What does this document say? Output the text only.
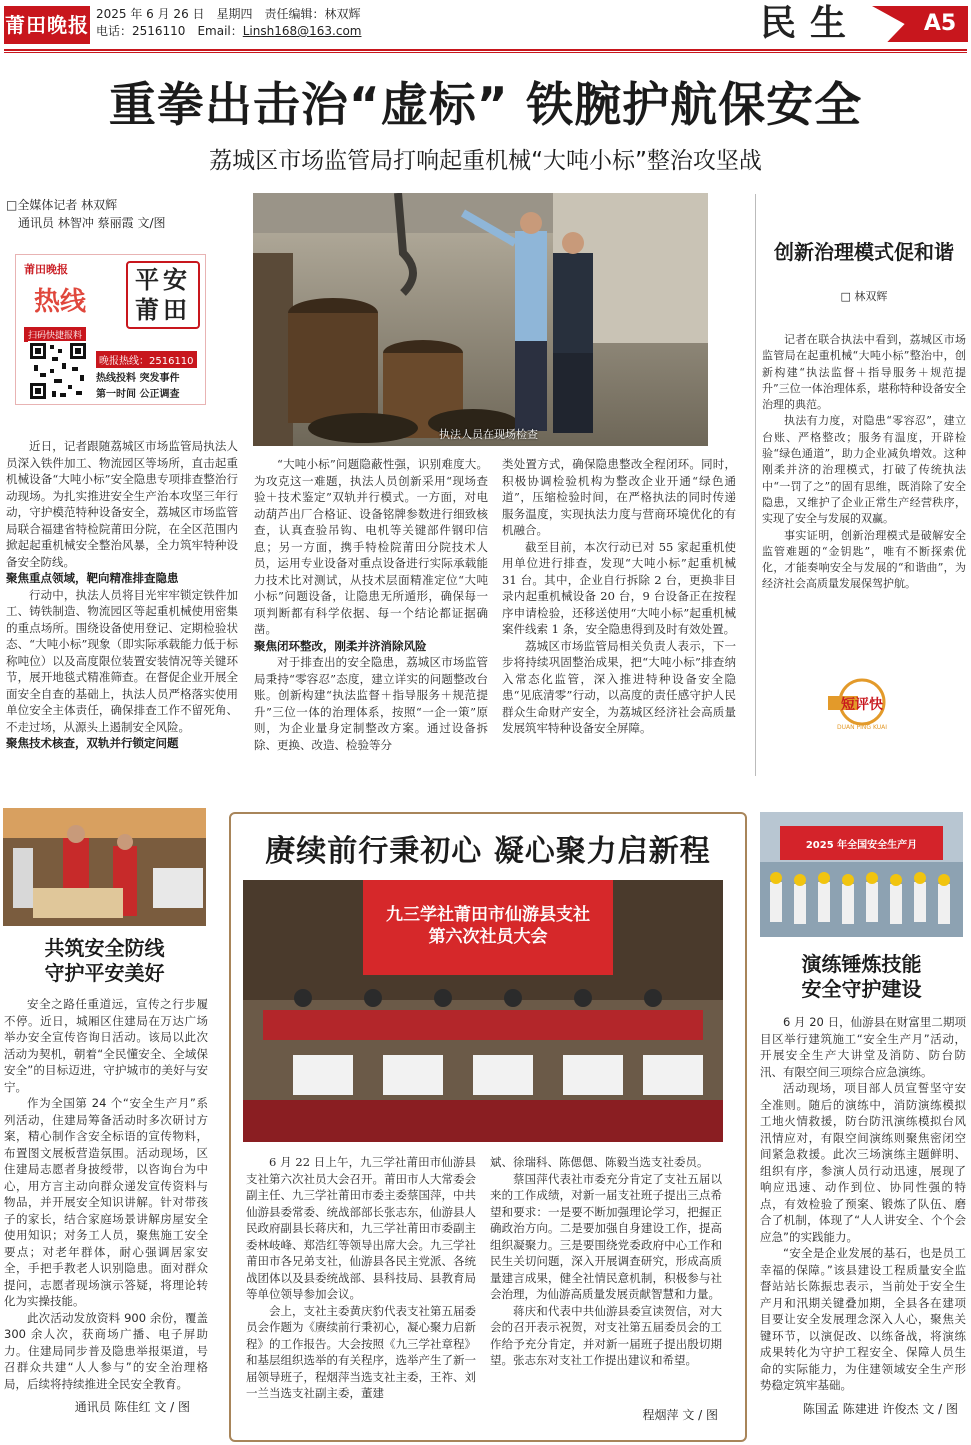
莆田晚报 2025 年 6 月 26 日　星期四　责任编辑：林双辉
电话：2516110　Email：Linsh168@163.com	民生	A5
重拳出击治“虚标” 铁腕护航保安全
荔城区市场监管局打响起重机械“大吨小标”整治攻坚战
□全媒体记者 林双辉
通讯员 林智冲 蔡丽霞 文/图
莆田晚报
热线
平安莆田
扫码快捷报料
晚报热线：2516110
热线投料 突发事件
第一时间 公正调查
执法人员在现场检查

近日，记者跟随荔城区市场监管局执法人员深入铁件加工、物流园区等场所，直击起重机械设备“大吨小标”安全隐患专项排查整治行动现场。为扎实推进安全生产治本攻坚三年行动，守护模范特种设备安全，荔城区市场监管局联合福建省特检院莆田分院，在全区范围内掀起起重机械安全整治风暴，全力筑牢特种设备安全防线。

聚焦重点领域，靶向精准排查隐患

行动中，执法人员将目光牢牢锁定铁件加工、铸铁制造、物流园区等起重机械使用密集的重点场所。围绕设备使用登记、定期检验状态、“大吨小标”现象（即实际承载能力低于标称吨位）以及高度限位装置安装情况等关键环节，展开地毯式精准筛查。在督促企业开展全面安全自查的基础上，执法人员严格落实使用单位安全主体责任，确保排查工作不留死角、不走过场，从源头上遏制安全风险。

聚焦技术核查，双轨并行锁定问题

“大吨小标”问题隐蔽性强，识别难度大。为攻克这一难题，执法人员创新采用“现场查验＋技术鉴定”双轨并行模式。一方面，对电动葫芦出厂合格证、设备铭牌参数进行细致核查，认真查验吊钩、电机等关键部件钢印信息；另一方面，携手特检院莆田分院技术人员，运用专业设备对重点设备进行实际承载能力技术比对测试，从技术层面精准定位“大吨小标”问题设备，让隐患无所遁形，确保每一项判断都有科学依据、每一个结论都证据确凿。

聚焦闭环整改，刚柔并济消除风险

对于排查出的安全隐患，荔城区市场监管局秉持“零容忍”态度，建立详实的问题整改台账。创新构建“执法监督＋指导服务＋规范提升”三位一体的治理体系，按照“一企一策”原则，为企业量身定制整改方案。通过设备拆除、更换、改造、检验等分

类处置方式，确保隐患整改全程闭环。同时，积极协调检验机构为整改企业开通“绿色通道”，压缩检验时间，在严格执法的同时传递服务温度，实现执法力度与营商环境优化的有机融合。

截至目前，本次行动已对 55 家起重机使用单位进行排查，发现“大吨小标”起重机械 31 台。其中，企业自行拆除 2 台，更换非目录内起重机械设备 20 台，9 台设备正在按程序申请检验，还移送使用“大吨小标”起重机械案件线索 1 条，安全隐患得到及时有效处置。

荔城区市场监管局相关负责人表示，下一步将持续巩固整治成果，把“大吨小标”排查纳入常态化监管，深入推进特种设备安全隐患“见底清零”行动，以高度的责任感守护人民群众生命财产安全，为荔城区经济社会高质量发展筑牢特种设备安全屏障。

创新治理模式促和谐
□ 林双辉

记者在联合执法中看到，荔城区市场监管局在起重机械“大吨小标”整治中，创新构建“执法监督＋指导服务＋规范提升”三位一体治理体系，堪称特种设备安全治理的典范。

执法有力度，对隐患“零容忍”，建立台账、严格整改；服务有温度，开辟检验“绿色通道”，助力企业减负增效。这种刚柔并济的治理模式，打破了传统执法中“一罚了之”的固有思维，既消除了安全隐患，又维护了企业正常生产经营秩序，实现了安全与发展的双赢。

事实证明，创新治理模式是破解安全监管难题的“金钥匙”，唯有不断探索优化，才能奏响安全与发展的“和谐曲”，为经济社会高质量发展保驾护航。

短评快
DUAN PING KUAI
共筑安全防线
守护平安美好

安全之路任重道远，宣传之行步履不停。近日，城厢区住建局在万达广场举办安全宣传咨询日活动。该局以此次活动为契机，朝着“全民懂安全、全域保安全”的目标迈进，守护城市的美好与安宁。

作为全国第 24 个“安全生产月”系列活动，住建局筹备活动时多次研讨方案，精心制作含安全标语的宣传物料，布置图文展板营造氛围。活动现场，区住建局志愿者身披绶带，以咨询台为中心，用方言主动向群众递发宣传资料与物品，并开展安全知识讲解。针对带孩子的家长，结合家庭场景讲解房屋安全使用知识；对务工人员，聚焦施工安全要点；对老年群体，耐心强调居家安全，手把手教老人识别隐患。面对群众提问，志愿者现场演示答疑，将理论转化为实操技能。

此次活动发放资料 900 余份，覆盖 300 余人次，获商场广播、电子屏助力。住建局同步普及隐患举报渠道，号召群众共建“人人参与”的安全治理格局，后续将持续推进全民安全教育。

通讯员 陈佳红 文 / 图
赓续前行秉初心 凝心聚力启新程
九三学社莆田市仙游县支社
第六次社员大会

6 月 22 日上午，九三学社莆田市仙游县支社第六次社员大会召开。莆田市人大常委会副主任、九三学社莆田市委主委蔡国萍，中共仙游县委常委、统战部部长张志东，仙游县人民政府副县长蒋庆和，九三学社莆田市委副主委林岐峰、郑浩红等领导出席大会。九三学社莆田市各兄弟支社，仙游县各民主党派、各统战团体以及县委统战部、县科技局、县教育局等单位领导参加会议。

会上，支社主委黄庆豹代表支社第五届委员会作题为《赓续前行秉初心，凝心聚力启新程》的工作报告。大会按照《九三学社章程》和基层组织选举的有关程序，选举产生了新一届领导班子，程烟萍当选支社主委，王祚、刘一兰当选支社副主委，董建

斌、徐瑞科、陈偲偲、陈毅当选支社委员。

蔡国萍代表社市委充分肯定了支社五届以来的工作成绩，对新一届支社班子提出三点希望和要求：一是要不断加强理论学习，把握正确政治方向。二是要加强自身建设工作，提高组织凝聚力。三是要围绕党委政府中心工作和民生关切问题，深入开展调查研究，形成高质量建言成果，健全社情民意机制，积极参与社会治理，为仙游高质量发展贡献智慧和力量。

蒋庆和代表中共仙游县委宣读贺信，对大会的召开表示祝贺，对支社第五届委员会的工作给予充分肯定，并对新一届班子提出殷切期望。张志东对支社工作提出建议和希望。

程烟萍 文 / 图
2025 年全国安全生产月
演练锤炼技能
安全守护建设

6 月 20 日，仙游县在财富里二期项目区举行建筑施工“安全生产月”活动，开展安全生产大讲堂及消防、防台防汛、有限空间三项综合应急演练。

活动现场，项目部人员宣誓坚守安全准则。随后的演练中，消防演练模拟工地火情救援，防台防汛演练模拟台风汛情应对，有限空间演练则聚焦密闭空间紧急救援。此次三场演练主题鲜明、组织有序，参演人员行动迅速，展现了响应迅速、动作到位、协同性强的特点，有效检验了预案、锻炼了队伍、磨合了机制，体现了“人人讲安全、个个会应急”的实践能力。

“安全是企业发展的基石，也是员工幸福的保障。”该县建设工程质量安全监督站站长陈振忠表示，当前处于安全生产月和汛期关键叠加期，全县各在建项目要让安全发展理念深入人心，聚焦关键环节，以演促改、以练备战，将演练成果转化为守护工程安全、保障人员生命的实际能力，为住建领域安全生产形势稳定筑牢基础。

陈国孟 陈建进 许俊杰 文 / 图
